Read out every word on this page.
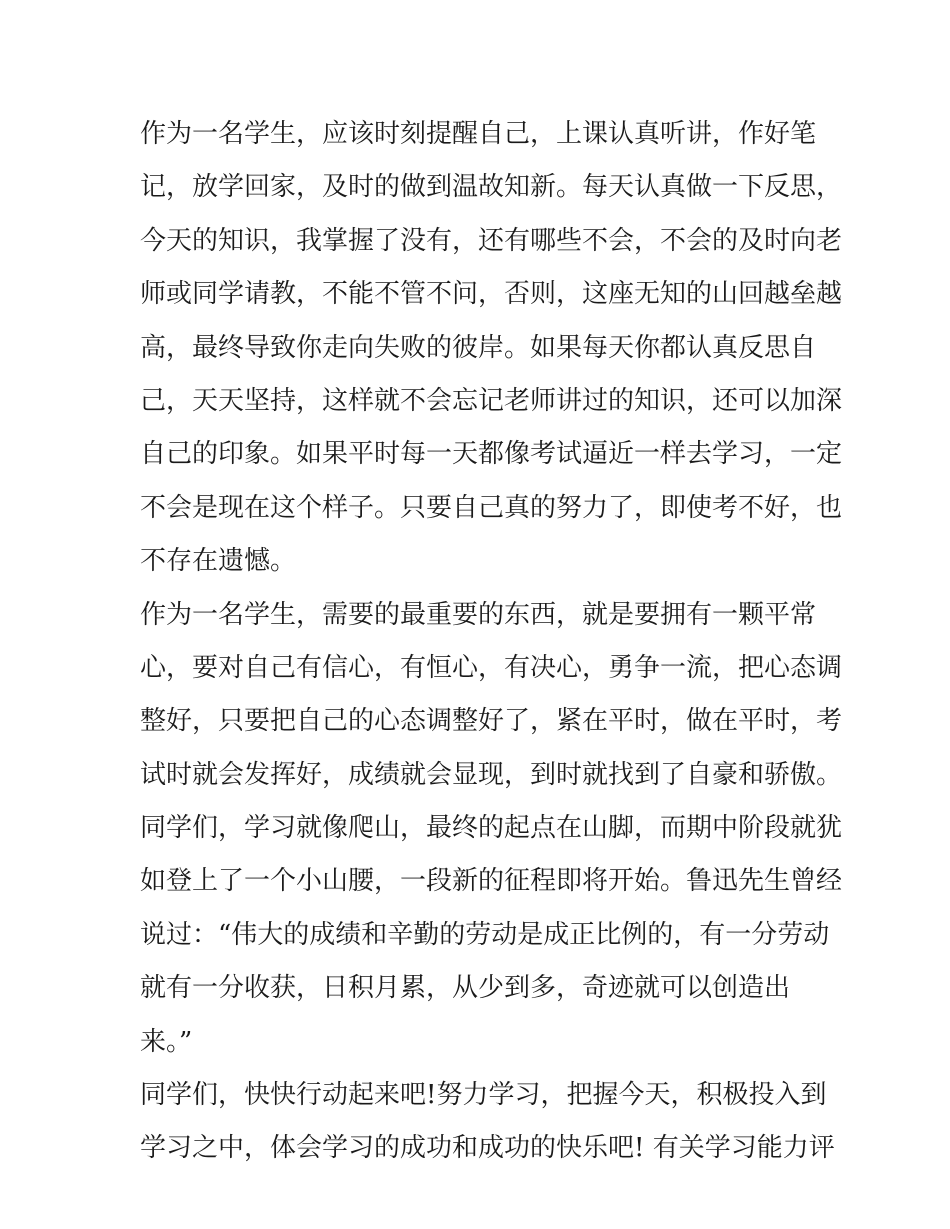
作为一名学生，应该时刻提醒自己，上课认真听讲，作好笔
记，放学回家，及时的做到温故知新。每天认真做一下反思，
今天的知识，我掌握了没有，还有哪些不会，不会的及时向老
师或同学请教，不能不管不问，否则，这座无知的山回越垒越
高，最终导致你走向失败的彼岸。如果每天你都认真反思自
己，天天坚持，这样就不会忘记老师讲过的知识，还可以加深
自己的印象。如果平时每一天都像考试逼近一样去学习，一定
不会是现在这个样子。只要自己真的努力了，即使考不好，也
不存在遗憾。
作为一名学生，需要的最重要的东西，就是要拥有一颗平常
心，要对自己有信心，有恒心，有决心，勇争一流，把心态调
整好，只要把自己的心态调整好了，紧在平时，做在平时，考
试时就会发挥好，成绩就会显现，到时就找到了自豪和骄傲。
同学们，学习就像爬山，最终的起点在山脚，而期中阶段就犹
如登上了一个小山腰，一段新的征程即将开始。鲁迅先生曾经
说过：“伟大的成绩和辛勤的劳动是成正比例的，有一分劳动
就有一分收获，日积月累，从少到多，奇迹就可以创造出
来。”
同学们，快快行动起来吧!努力学习，把握今天，积极投入到
学习之中，体会学习的成功和成功的快乐吧! 有关学习能力评
